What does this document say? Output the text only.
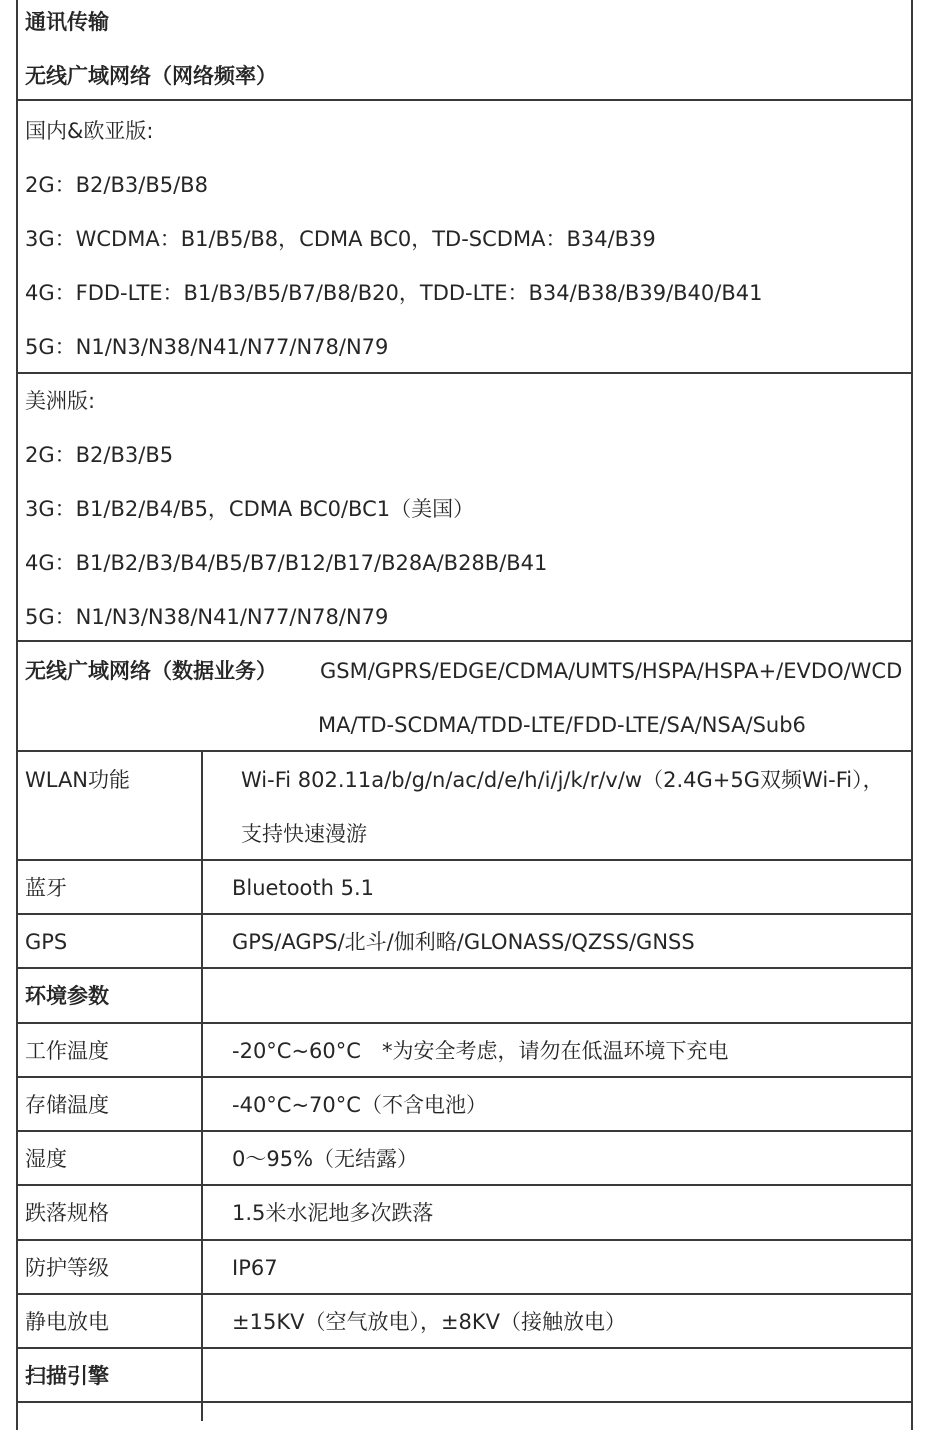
通讯传输
无线广域网络（网络频率）
国内&欧亚版:
2G：B2/B3/B5/B8
3G：WCDMA：B1/B5/B8，CDMA BC0，TD-SCDMA：B34/B39
4G：FDD-LTE：B1/B3/B5/B7/B8/B20，TDD-LTE：B34/B38/B39/B40/B41
5G：N1/N3/N38/N41/N77/N78/N79
美洲版:
2G：B2/B3/B5
3G：B1/B2/B4/B5，CDMA BC0/BC1（美国）
4G：B1/B2/B3/B4/B5/B7/B12/B17/B28A/B28B/B41
5G：N1/N3/N38/N41/N77/N78/N79
无线广域网络（数据业务） GSM/GPRS/EDGE/CDMA/UMTS/HSPA/HSPA+/EVDO/WCD
MA/TD-SCDMA/TDD-LTE/FDD-LTE/SA/NSA/Sub6
WLAN功能	Wi-Fi 802.11a/b/g/n/ac/d/e/h/i/j/k/r/v/w（2.4G+5G双频Wi-Fi），
支持快速漫游
蓝牙	Bluetooth 5.1
GPS	GPS/AGPS/北斗/伽利略/GLONASS/QZSS/GNSS
环境参数
工作温度	-20°C~60°C　*为安全考虑，请勿在低温环境下充电
存储温度	-40°C~70°C（不含电池）
湿度	0～95%（无结露）
跌落规格	1.5米水泥地多次跌落
防护等级	IP67
静电放电	±15KV（空气放电），±8KV（接触放电）
扫描引擎
